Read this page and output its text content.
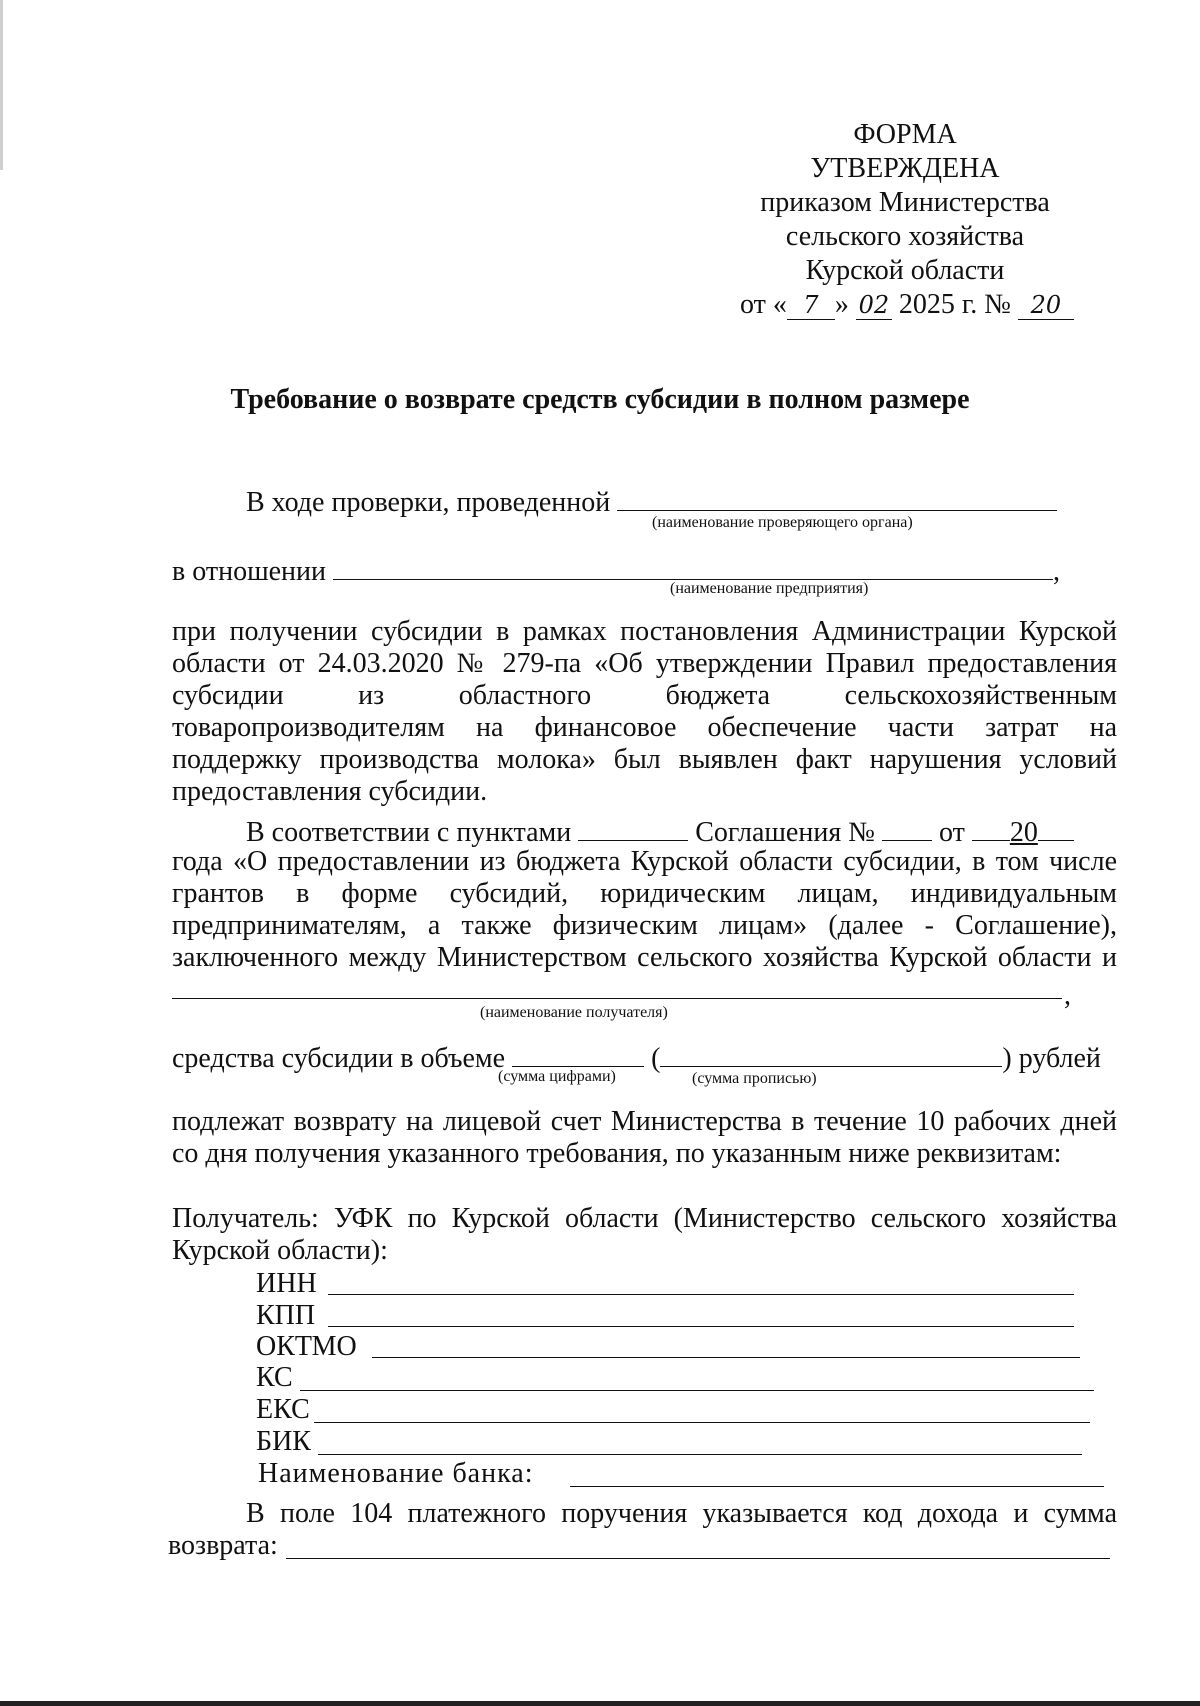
ФОРМА
УТВЕРЖДЕНА
приказом Министерства
сельского хозяйства
Курской области
от « 7 » 02 2025 г. № 20
Требование о возврате средств субсидии в полном размере
В ходе проверки, проведенной
(наименование проверяющего органа)
в отношении	,
(наименование предприятия)
при получении субсидии в рамках постановления Администрации Курской
области от 24.03.2020 № 279-па «Об утверждении Правил предоставления
субсидии из областного бюджета сельскохозяйственным
товаропроизводителям на финансовое обеспечение части затрат на
поддержку производства молока» был выявлен факт нарушения условий
предоставления субсидии.
В соответствии с пунктами	Соглашения № от 20
года «О предоставлении из бюджета Курской области субсидии, в том числе
грантов в форме субсидий, юридическим лицам, индивидуальным
предпринимателям, а также физическим лицам» (далее - Соглашение),
заключенного между Министерством сельского хозяйства Курской области и
,
(наименование получателя)
средства субсидии в объеме	(	) рублей
(сумма цифрами)	(сумма прописью)
подлежат возврату на лицевой счет Министерства в течение 10 рабочих дней
со дня получения указанного требования, по указанным ниже реквизитам:
Получатель: УФК по Курской области (Министерство сельского хозяйства
Курской области):
ИНН
КПП
ОКТМО
КС
ЕКС
БИК
Наименование банка:
В поле 104 платежного поручения указывается код дохода и сумма
возврата:
